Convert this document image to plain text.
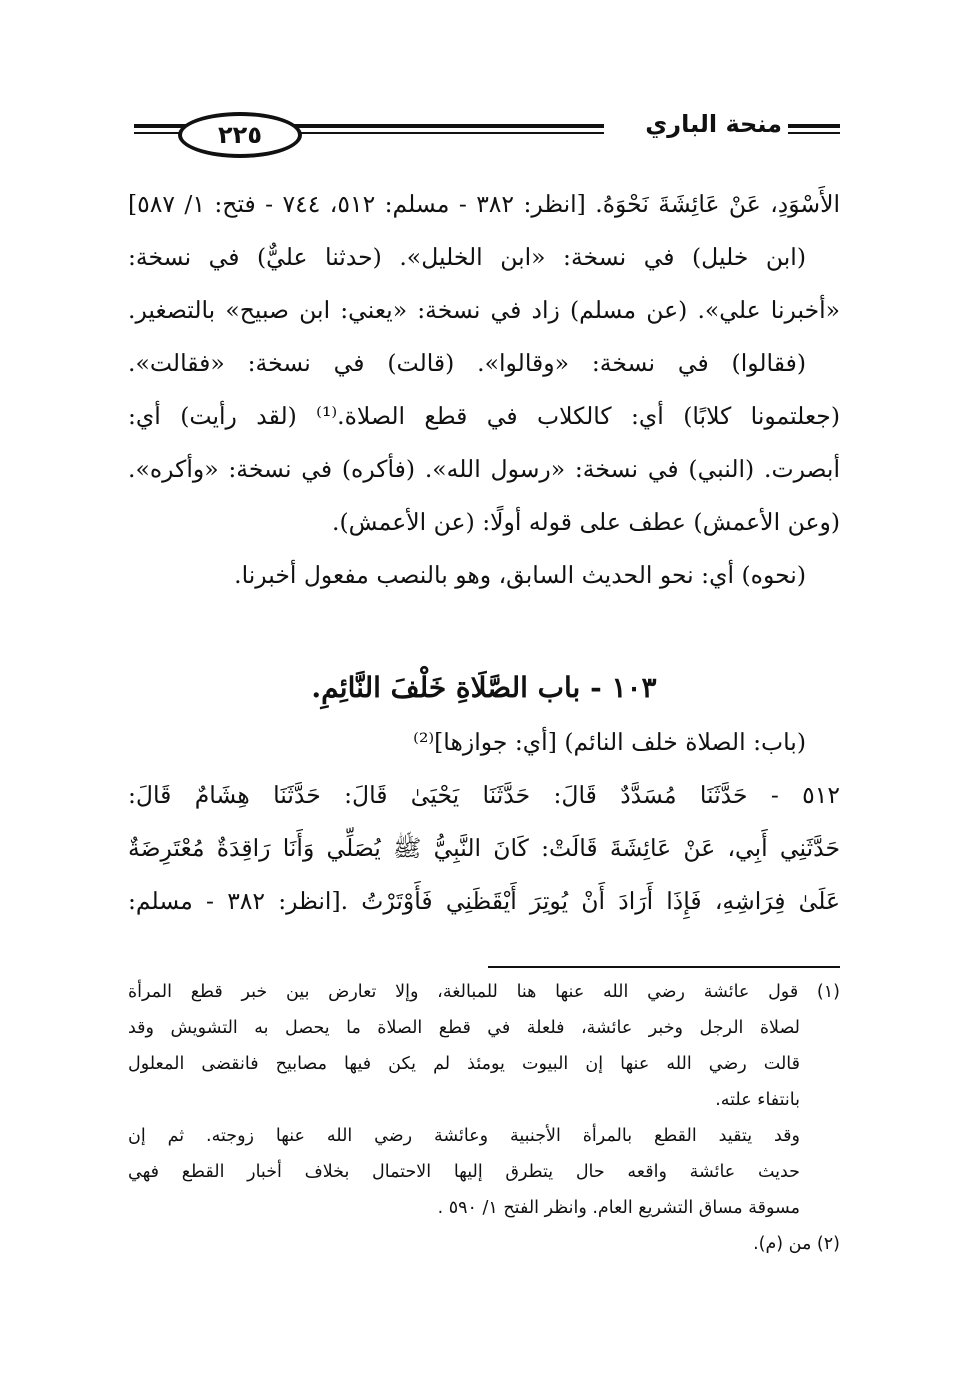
٢٢٥	منحة الباري
الأَسْوَدِ، عَنْ عَائِشَةَ نَحْوَهُ. [انظر: ٣٨٢ - مسلم: ٥١٢، ٧٤٤ - فتح: ١/ ٥٨٧]
(ابن خليل) في نسخة: «ابن الخليل». (حدثنا عليٌّ) في نسخة:
«أخبرنا علي». (عن مسلم) زاد في نسخة: «يعني: ابن صبيح» بالتصغير.
(فقالوا) في نسخة: «وقالوا». (قالت) في نسخة: «فقالت».
(جعلتمونا كلابًا) أي: كالكلاب في قطع الصلاة.⁽¹⁾ (لقد رأيت) أي:
أبصرت. (النبي) في نسخة: «رسول الله». (فأكره) في نسخة: «وأكره».
(وعن الأعمش) عطف على قوله أولًا: (عن الأعمش).
(نحوه) أي: نحو الحديث السابق، وهو بالنصب مفعول أخبرنا.
١٠٣ - باب الصَّلَاةِ خَلْفَ النَّائِمِ.
(باب: الصلاة خلف النائم) [أي: جوازها]⁽²⁾
٥١٢ - حَدَّثَنَا مُسَدَّدٌ قَالَ: حَدَّثَنَا يَحْيَىٰ قَالَ: حَدَّثَنَا هِشَامٌ قَالَ:
حَدَّثَنِي أَبِي، عَنْ عَائِشَةَ قَالَتْ: كَانَ النَّبِيُّ ﷺ يُصَلِّي وَأَنَا رَاقِدَةٌ مُعْتَرِضَةٌ
عَلَىٰ فِرَاشِهِ، فَإِذَا أَرَادَ أَنْ يُوتِرَ أَيْقَظَنِي فَأَوْتَرْتُ .[انظر: ٣٨٢ - مسلم:
(١) قول عائشة رضي الله عنها هنا للمبالغة، وإلا تعارض بين خبر قطع المرأة
لصلاة الرجل وخبر عائشة، فلعلة في قطع الصلاة ما يحصل به التشويش وقد
قالت رضي الله عنها إن البيوت يومئذ لم يكن فيها مصابيح فانقضى المعلول
بانتفاء علته.
وقد يتقيد القطع بالمرأة الأجنبية وعائشة رضي الله عنها زوجته. ثم إن
حديث عائشة واقعه حال يتطرق إليها الاحتمال بخلاف أخبار القطع فهي
مسوقة مساق التشريع العام. وانظر الفتح ١/ ٥٩٠ .
(٢) من (م).
